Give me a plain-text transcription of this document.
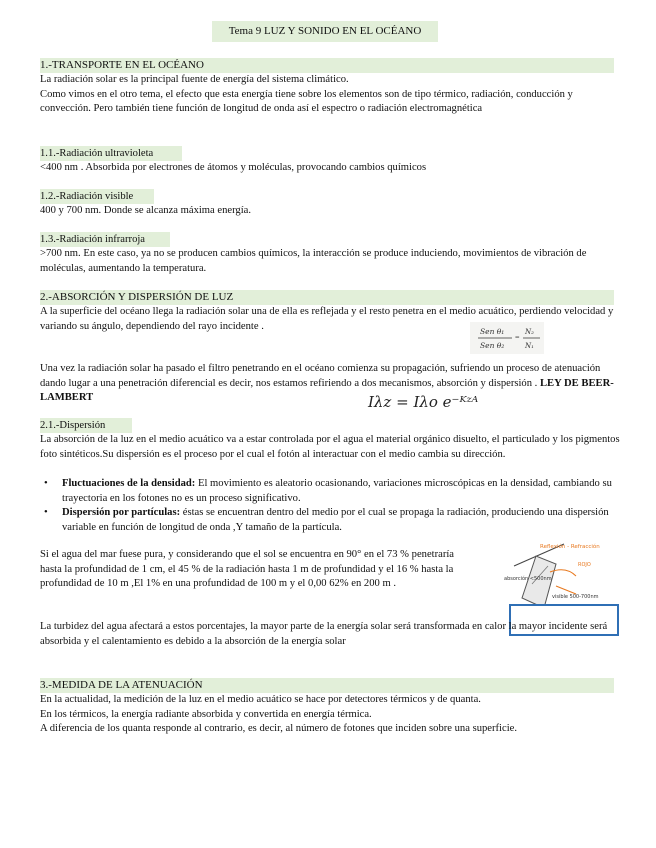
Tema 9 LUZ Y SONIDO EN EL OCÉANO
1.-TRANSPORTE EN EL OCÉANO

La radiación solar es la principal fuente de energía del sistema climático.

Como vimos en el otro tema, el efecto que esta energía tiene sobre los elementos son de tipo térmico, radiación, conducción y convección. Pero también tiene función de longitud de onda así el espectro o radiación electromagnética

1.1.-Radiación ultravioleta
<400 nm . Absorbida por electrones de átomos y moléculas, provocando cambios químicos
1.2.-Radiación visible
400 y 700 nm. Donde se alcanza máxima energía.
1.3.-Radiación infrarroja
>700 nm. En este caso, ya no se producen cambios químicos, la interacción se produce induciendo, movimientos de vibración de moléculas, aumentando la temperatura.
2.-ABSORCIÓN Y DISPERSIÓN DE LUZ
A la superficie del océano llega la radiación solar una de ella es reflejada y el resto penetra en el medio acuático, perdiendo velocidad y variando su ángulo, dependiendo del rayo incidente .	Sen θ₁
Sen θ₂
=
N₂
N₁
Una vez la radiación solar ha pasado el filtro penetrando en el océano comienza su propagación, sufriendo un proceso de atenuación dando lugar a una penetración diferencial es decir, nos estamos refiriendo a dos mecanismos, absorción y dispersión . LEY DE BEER-LAMBERT	Iλz = Iλo e⁻ᴷᶻᴬ
2.1.-Dispersión
La absorción de la luz en el medio acuático va a estar controlada por el agua el material orgánico disuelto, el particulado y los pigmentos foto sintéticos.Su dispersión es el proceso por el cual el fotón al interactuar con el medio cambia su dirección.
• Fluctuaciones de la densidad: El movimiento es aleatorio ocasionando, variaciones microscópicas en la densidad, cambiando su trayectoria en los fotones no es un proceso significativo.
• Dispersión por partículas: éstas se encuentran dentro del medio por el cual se propaga la radiación, produciendo una dispersión variable en función de longitud de onda ,Y tamaño de la partícula.
Si el agua del mar fuese pura, y considerando que el sol se encuentra en 90° en el 73 % penetraría hasta la profundidad de 1 cm, el 45 % de la radiación hasta 1 m de profundidad y el 16 % hasta la profundidad de 10 m ,El 1% en una profundidad de 100 m y el 0,00 62% en 200 m .
Reflexión - Refracción
absorción <500nm
ROJO
visible 500-700nm
La turbidez del agua afectará a estos porcentajes, la mayor parte de la energía solar será transformada en calor la mayor incidente será absorbida y el calentamiento es debido a la absorción de la energía solar
3.-MEDIDA DE LA ATENUACIÓN

En la actualidad, la medición de la luz en el medio acuático se hace por detectores térmicos y de quanta.

En los térmicos, la energía radiante absorbida y convertida en energía térmica.

A diferencia de los quanta responde al contrario, es decir, al número de fotones que inciden sobre una superficie.
